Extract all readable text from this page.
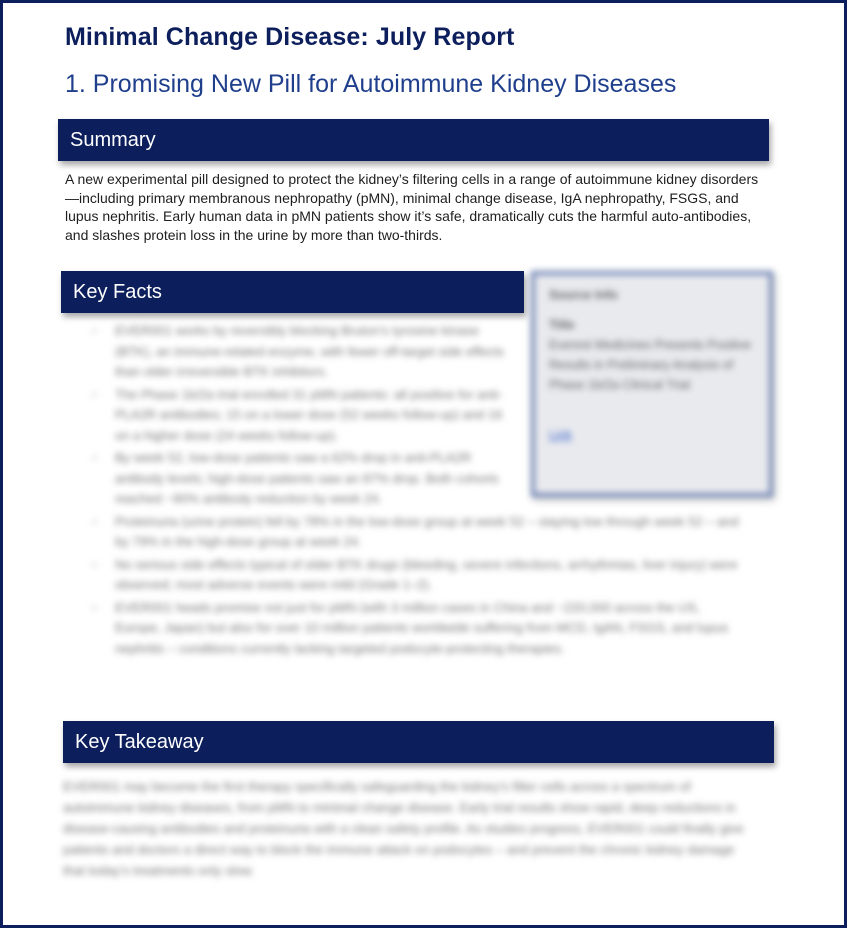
Minimal Change Disease: July Report
1. Promising New Pill for Autoimmune Kidney Diseases
Summary
A new experimental pill designed to protect the kidney’s filtering cells in a range of autoimmune kidney disorders—including primary membranous nephropathy (pMN), minimal change disease, IgA nephropathy, FSGS, and lupus nephritis. Early human data in pMN patients show it’s safe, dramatically cuts the harmful auto-antibodies, and slashes protein loss in the urine by more than two-thirds.
Key Facts
○ EVER001 works by reversibly blocking Bruton’s tyrosine kinase (BTK), an immune-related enzyme, with fewer off-target side effects than older irreversible BTK inhibitors.
○ The Phase 1b/2a trial enrolled 31 pMN patients: all positive for anti-PLA2R antibodies; 15 on a lower dose (52 weeks follow-up) and 16 on a higher dose (24 weeks follow-up).
○ By week 52, low-dose patients saw a 62% drop in anti-PLA2R antibody levels; high-dose patients saw an 87% drop. Both cohorts reached ~90% antibody reduction by week 24.
○ Proteinuria (urine protein) fell by 78% in the low-dose group at week 52 – staying low through week 52 – and by 79% in the high-dose group at week 24.
○ No serious side effects typical of older BTK drugs (bleeding, severe infections, arrhythmias, liver injury) were observed; most adverse events were mild (Grade 1–2).
○ EVER001 heads promise not just for pMN (with 3 million cases in China and ~220,000 across the US, Europe, Japan) but also for over 10 million patients worldwide suffering from MCD, IgAN, FSGS, and lupus nephritis – conditions currently lacking targeted podocyte-protecting therapies.
Source Info
Title
Everest Medicines Presents Positive Results in Preliminary Analysis of Phase 1b/2a Clinical Trial
Link
Key Takeaway
EVER001 may become the first therapy specifically safeguarding the kidney’s filter cells across a spectrum of autoimmune kidney diseases, from pMN to minimal change disease. Early trial results show rapid, deep reductions in disease-causing antibodies and proteinuria with a clean safety profile. As studies progress, EVER001 could finally give patients and doctors a direct way to block the immune attack on podocytes – and prevent the chronic kidney damage that today’s treatments only slow.
